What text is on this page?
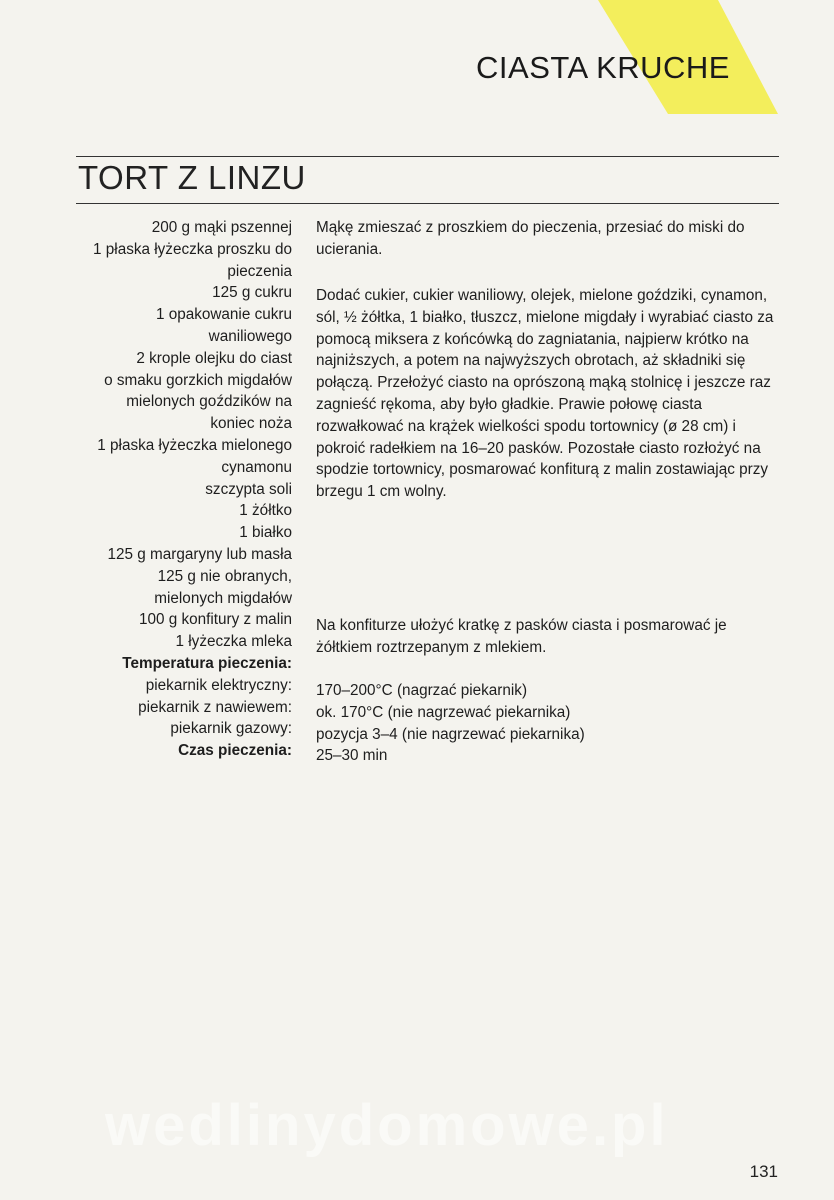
CIASTA KRUCHE
TORT Z LINZU
200 g mąki pszennej
1 płaska łyżeczka proszku do
pieczenia
125 g cukru
1 opakowanie cukru
waniliowego
2 krople olejku do ciast
o smaku gorzkich migdałów
mielonych goździków na
koniec noża
1 płaska łyżeczka mielonego
cynamonu
szczypta soli
1 żółtko
1 białko
125 g margaryny lub masła
125 g nie obranych,
mielonych migdałów
100 g konfitury z malin
1 łyżeczka mleka
Temperatura pieczenia:
piekarnik elektryczny:
piekarnik z nawiewem:
piekarnik gazowy:
Czas pieczenia:

Mąkę zmieszać z proszkiem do pieczenia, przesiać do miski do ucierania.

Dodać cukier, cukier waniliowy, olejek, mielone goździki, cynamon, sól, ½ żółtka, 1 białko, tłuszcz, mielone migdały i wyrabiać ciasto za pomocą miksera z końcówką do zagniatania, najpierw krótko na najniższych, a potem na najwyższych obrotach, aż składniki się połączą. Przełożyć ciasto na oprószoną mąką stolnicę i jeszcze raz zagnieść rękoma, aby było gładkie. Prawie połowę ciasta rozwałkować na krążek wielkości spodu tortownicy (ø 28 cm) i pokroić radełkiem na 16–20 pasków. Pozostałe ciasto rozłożyć na spodzie tortownicy, posmarować konfiturą z malin zostawiając przy brzegu 1 cm wolny.

Na konfiturze ułożyć kratkę z pasków ciasta i posmarować je żółtkiem roztrzepanym z mlekiem.

170–200°C (nagrzać piekarnik)
ok. 170°C (nie nagrzewać piekarnika)
pozycja 3–4 (nie nagrzewać piekarnika)
25–30 min
wedlinydomowe.pl
131
